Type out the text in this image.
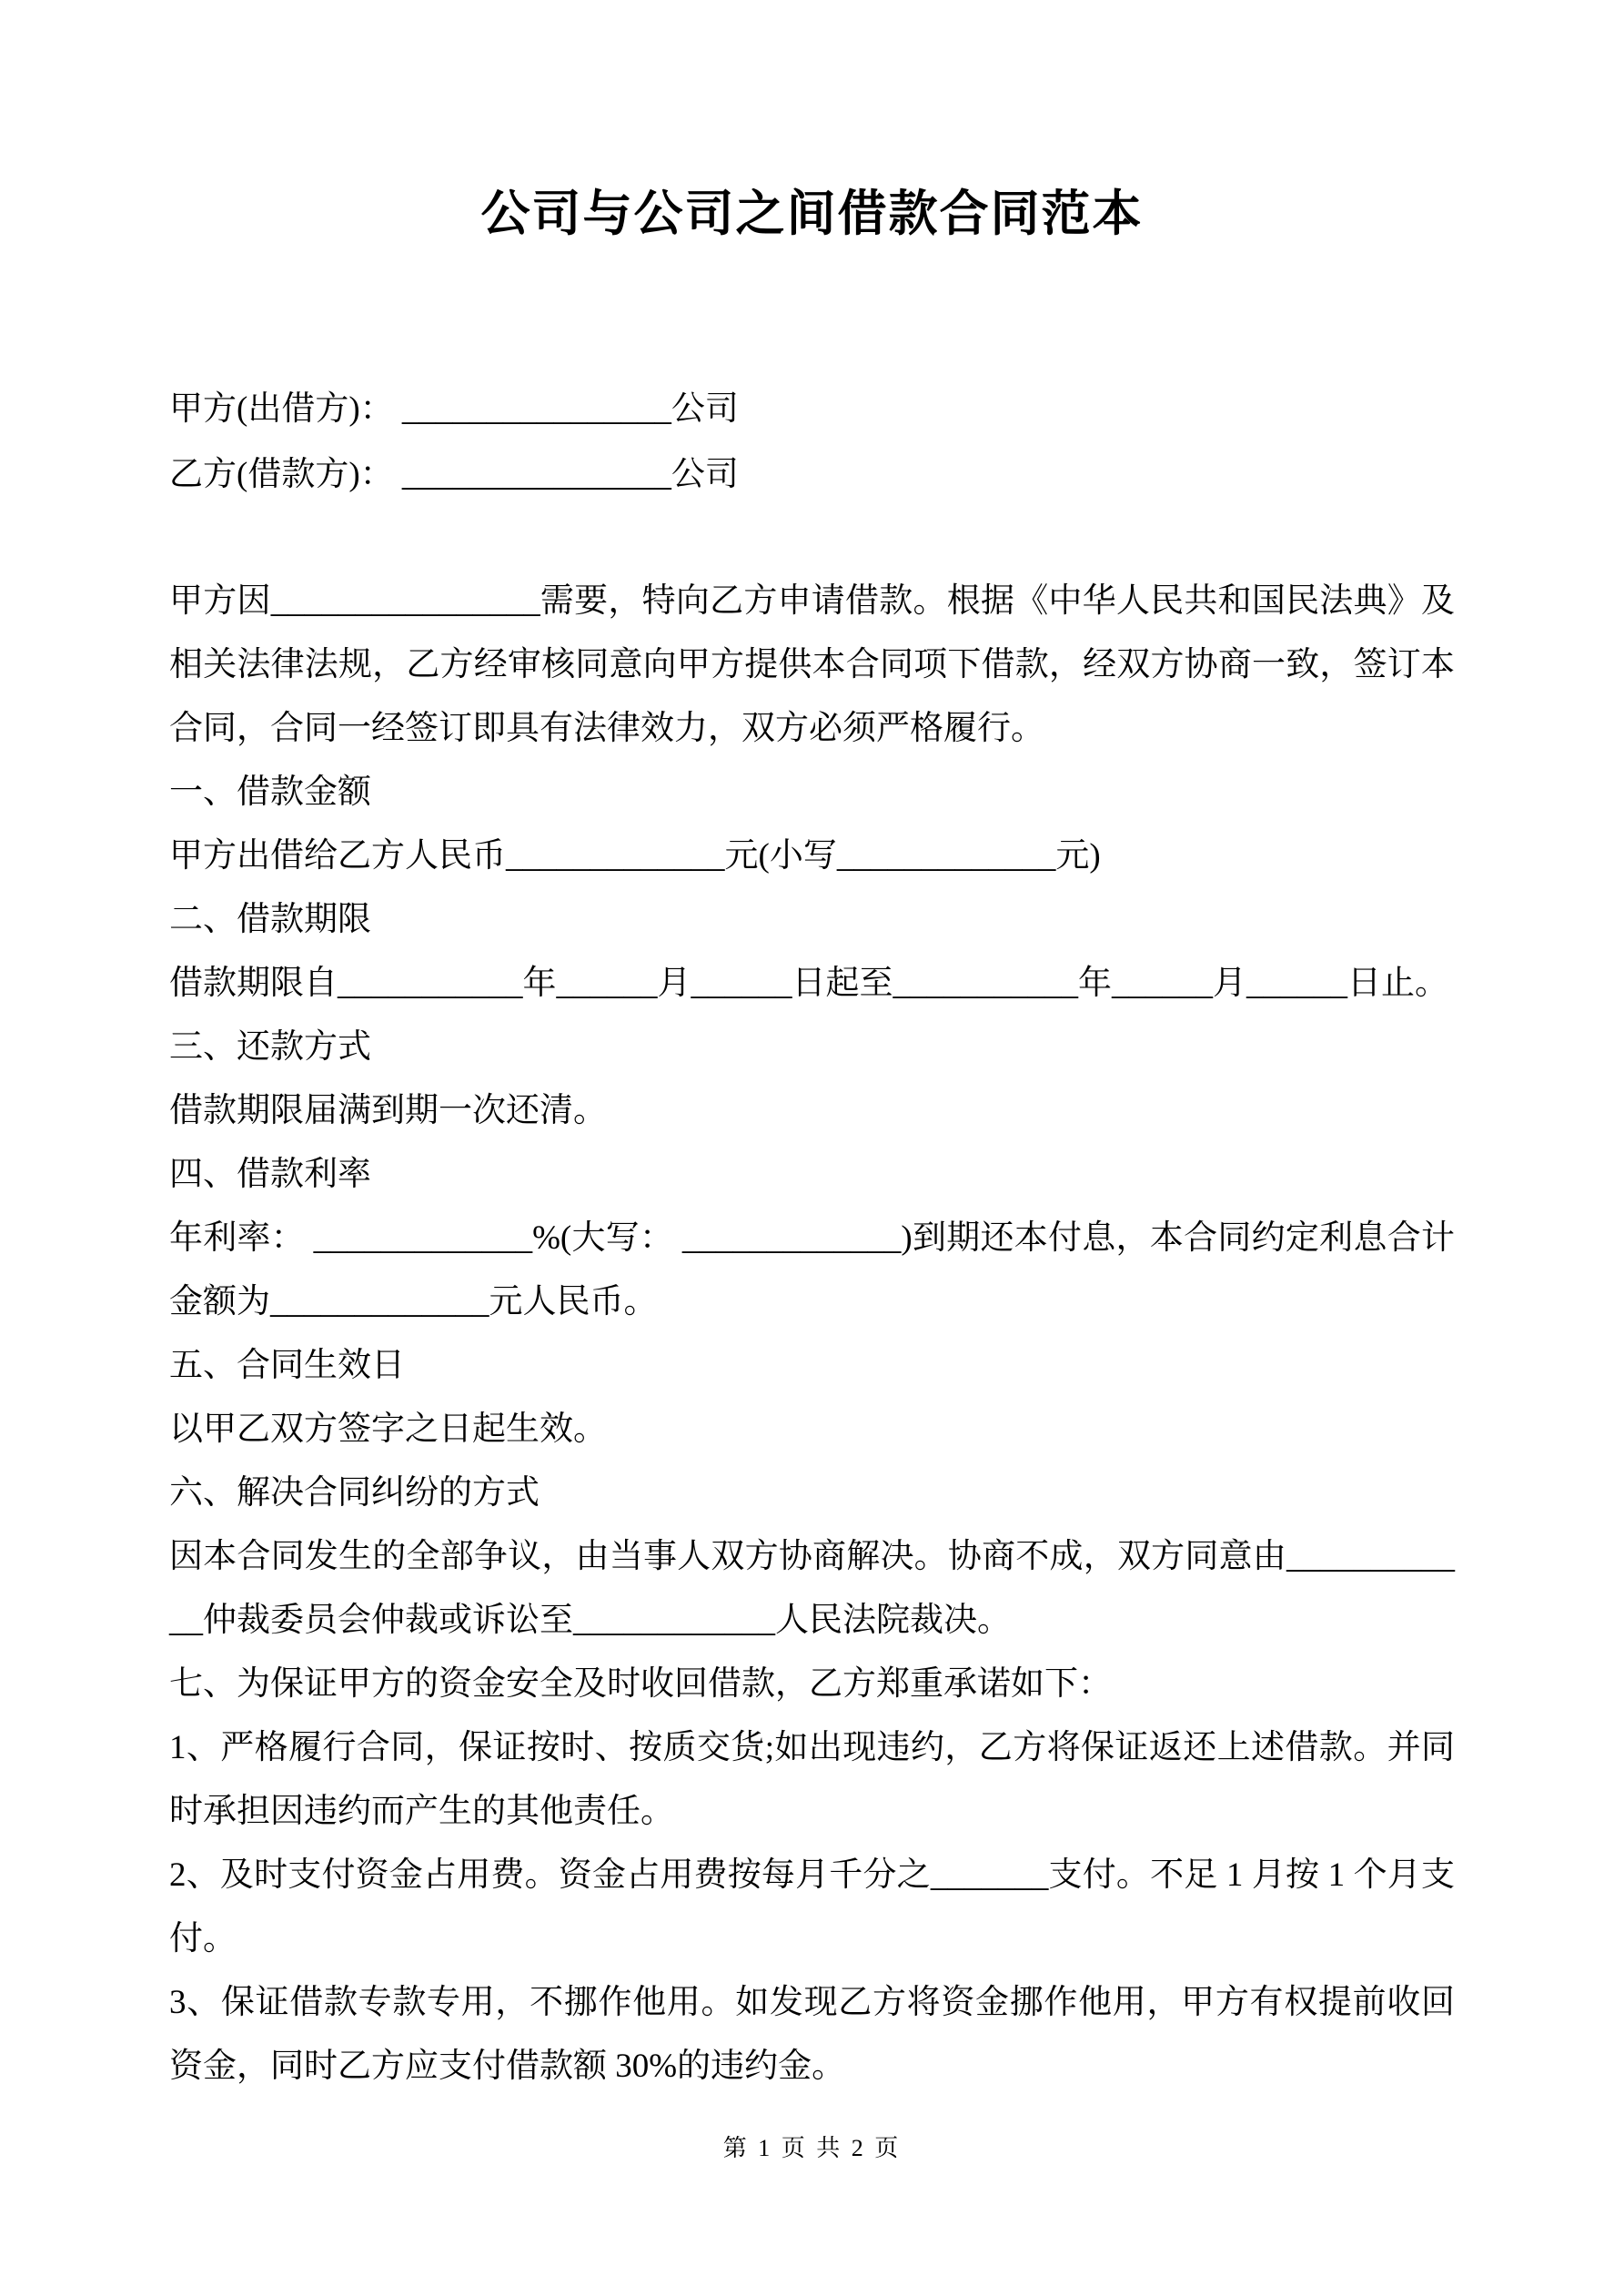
公司与公司之间借款合同范本
甲方(出借方)： ________________公司
乙方(借款方)： ________________公司

甲方因________________需要，特向乙方申请借款。根据《中华人民共和国民法典》及相关法律法规，乙方经审核同意向甲方提供本合同项下借款，经双方协商一致，签订本合同，合同一经签订即具有法律效力，双方必须严格履行。

一、借款金额

甲方出借给乙方人民币_____________元(小写_____________元)

二、借款期限

借款期限自___________年______月______日起至___________年______月______日止。

三、还款方式

借款期限届满到期一次还清。

四、借款利率

年利率： _____________%(大写： _____________)到期还本付息，本合同约定利息合计金额为_____________元人民币。

五、合同生效日

以甲乙双方签字之日起生效。

六、解决合同纠纷的方式

因本合同发生的全部争议，由当事人双方协商解决。协商不成，双方同意由____________仲裁委员会仲裁或诉讼至____________人民法院裁决。

七、为保证甲方的资金安全及时收回借款，乙方郑重承诺如下：

1、严格履行合同，保证按时、按质交货;如出现违约，乙方将保证返还上述借款。并同时承担因违约而产生的其他责任。

2、及时支付资金占用费。资金占用费按每月千分之_______支付。不足 1 月按 1 个月支付。

3、保证借款专款专用，不挪作他用。如发现乙方将资金挪作他用，甲方有权提前收回资金，同时乙方应支付借款额 30%的违约金。

第 1 页 共 2 页
